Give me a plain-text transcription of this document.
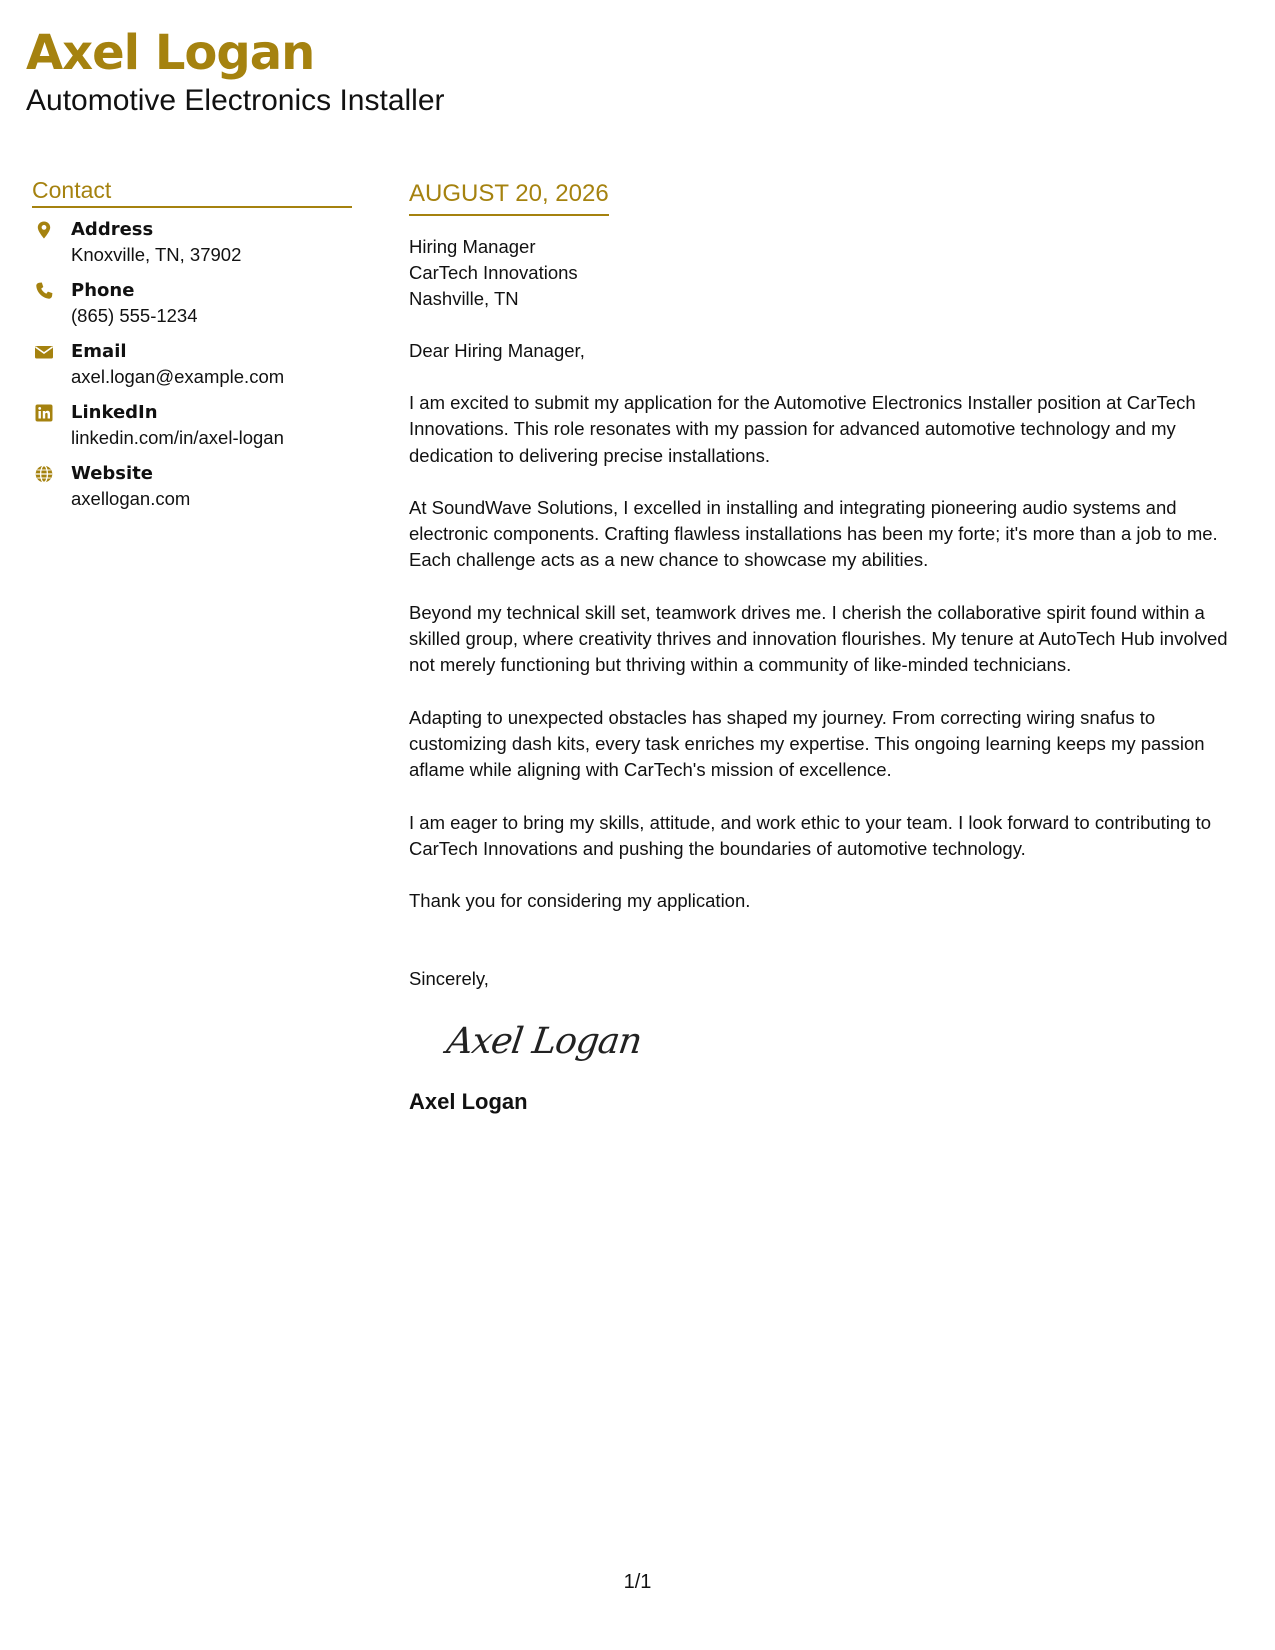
Axel Logan
Automotive Electronics Installer
Contact
Address
Knoxville, TN, 37902
Phone
(865) 555-1234
Email
axel.logan@example.com
LinkedIn
linkedin.com/in/axel-logan
Website
axellogan.com
AUGUST 20, 2026
Hiring Manager
CarTech Innovations
Nashville, TN
Dear Hiring Manager,
I am excited to submit my application for the Automotive Electronics Installer position at CarTech Innovations. This role resonates with my passion for advanced automotive technology and my dedication to delivering precise installations.
At SoundWave Solutions, I excelled in installing and integrating pioneering audio systems and electronic components. Crafting flawless installations has been my forte; it's more than a job to me. Each challenge acts as a new chance to showcase my abilities.
Beyond my technical skill set, teamwork drives me. I cherish the collaborative spirit found within a skilled group, where creativity thrives and innovation flourishes. My tenure at AutoTech Hub involved not merely functioning but thriving within a community of like-minded technicians.
Adapting to unexpected obstacles has shaped my journey. From correcting wiring snafus to customizing dash kits, every task enriches my expertise. This ongoing learning keeps my passion aflame while aligning with CarTech's mission of excellence.
I am eager to bring my skills, attitude, and work ethic to your team. I look forward to contributing to CarTech Innovations and pushing the boundaries of automotive technology.
Thank you for considering my application.
Sincerely,
Axel Logan
Axel Logan
1/1
